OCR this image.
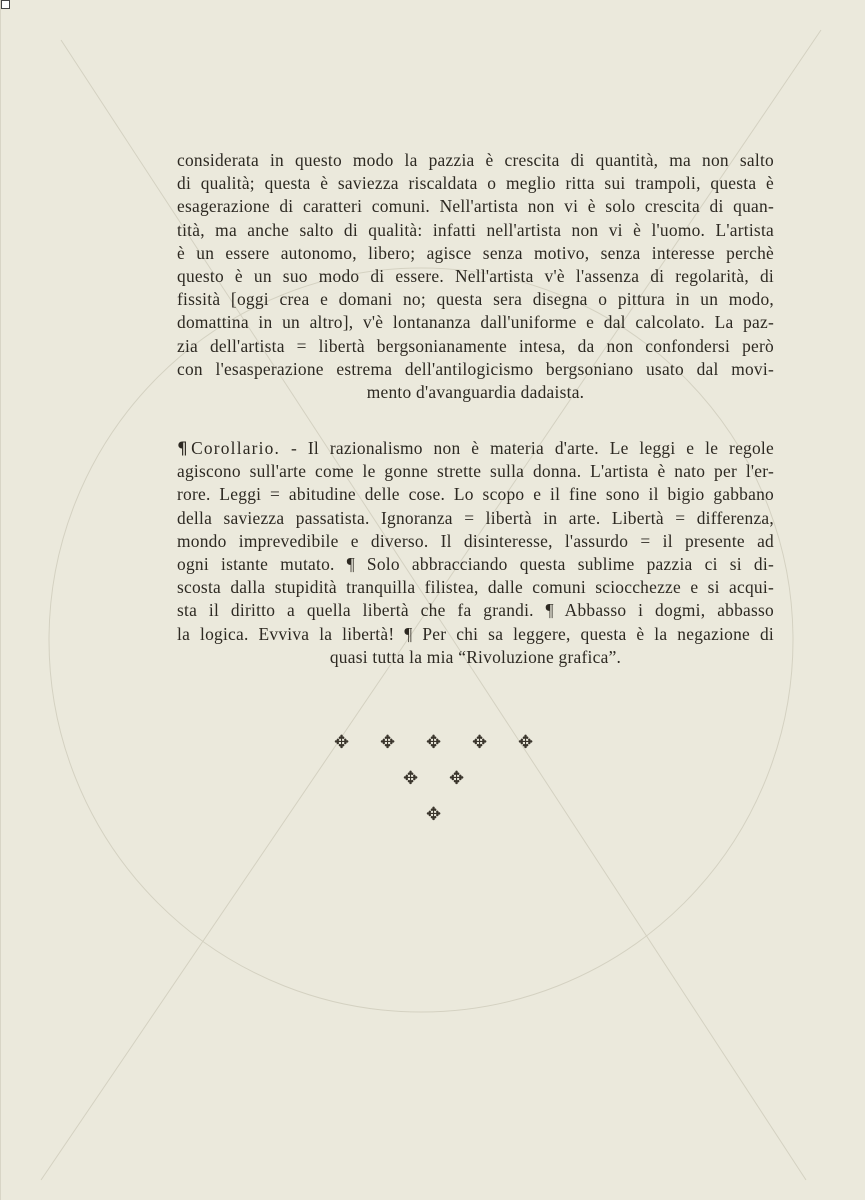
considerata in questo modo la pazzia è crescita di quantità, ma non salto
di qualità; questa è saviezza riscaldata o meglio ritta sui trampoli, questa è
esagerazione di caratteri comuni. Nell'artista non vi è solo crescita di quan-
tità, ma anche salto di qualità: infatti nell'artista non vi è l'uomo. L'artista
è un essere autonomo, libero; agisce senza motivo, senza interesse perchè
questo è un suo modo di essere. Nell'artista v'è l'assenza di regolarità, di
fissità [oggi crea e domani no; questa sera disegna o pittura in un modo,
domattina in un altro], v'è lontananza dall'uniforme e dal calcolato. La paz-
zia dell'artista = libertà bergsonianamente intesa, da non confondersi però
con l'esasperazione estrema dell'antilogicismo bergsoniano usato dal movi-
mento d'avanguardia dadaista.
¶ Corollario. - Il razionalismo non è materia d'arte. Le leggi e le regole
agiscono sull'arte come le gonne strette sulla donna. L'artista è nato per l'er-
rore. Leggi = abitudine delle cose. Lo scopo e il fine sono il bigio gabbano
della saviezza passatista. Ignoranza = libertà in arte. Libertà = differenza,
mondo imprevedibile e diverso. Il disinteresse, l'assurdo = il presente ad
ogni istante mutato. ¶ Solo abbracciando questa sublime pazzia ci si di-
scosta dalla stupidità tranquilla filistea, dalle comuni sciocchezze e si acqui-
sta il diritto a quella libertà che fa grandi. ¶ Abbasso i dogmi, abbasso
la logica. Evviva la libertà! ¶ Per chi sa leggere, questa è la negazione di
quasi tutta la mia “Rivoluzione grafica”.
✥ ✥ ✥ ✥ ✥
✥ ✥
✥
